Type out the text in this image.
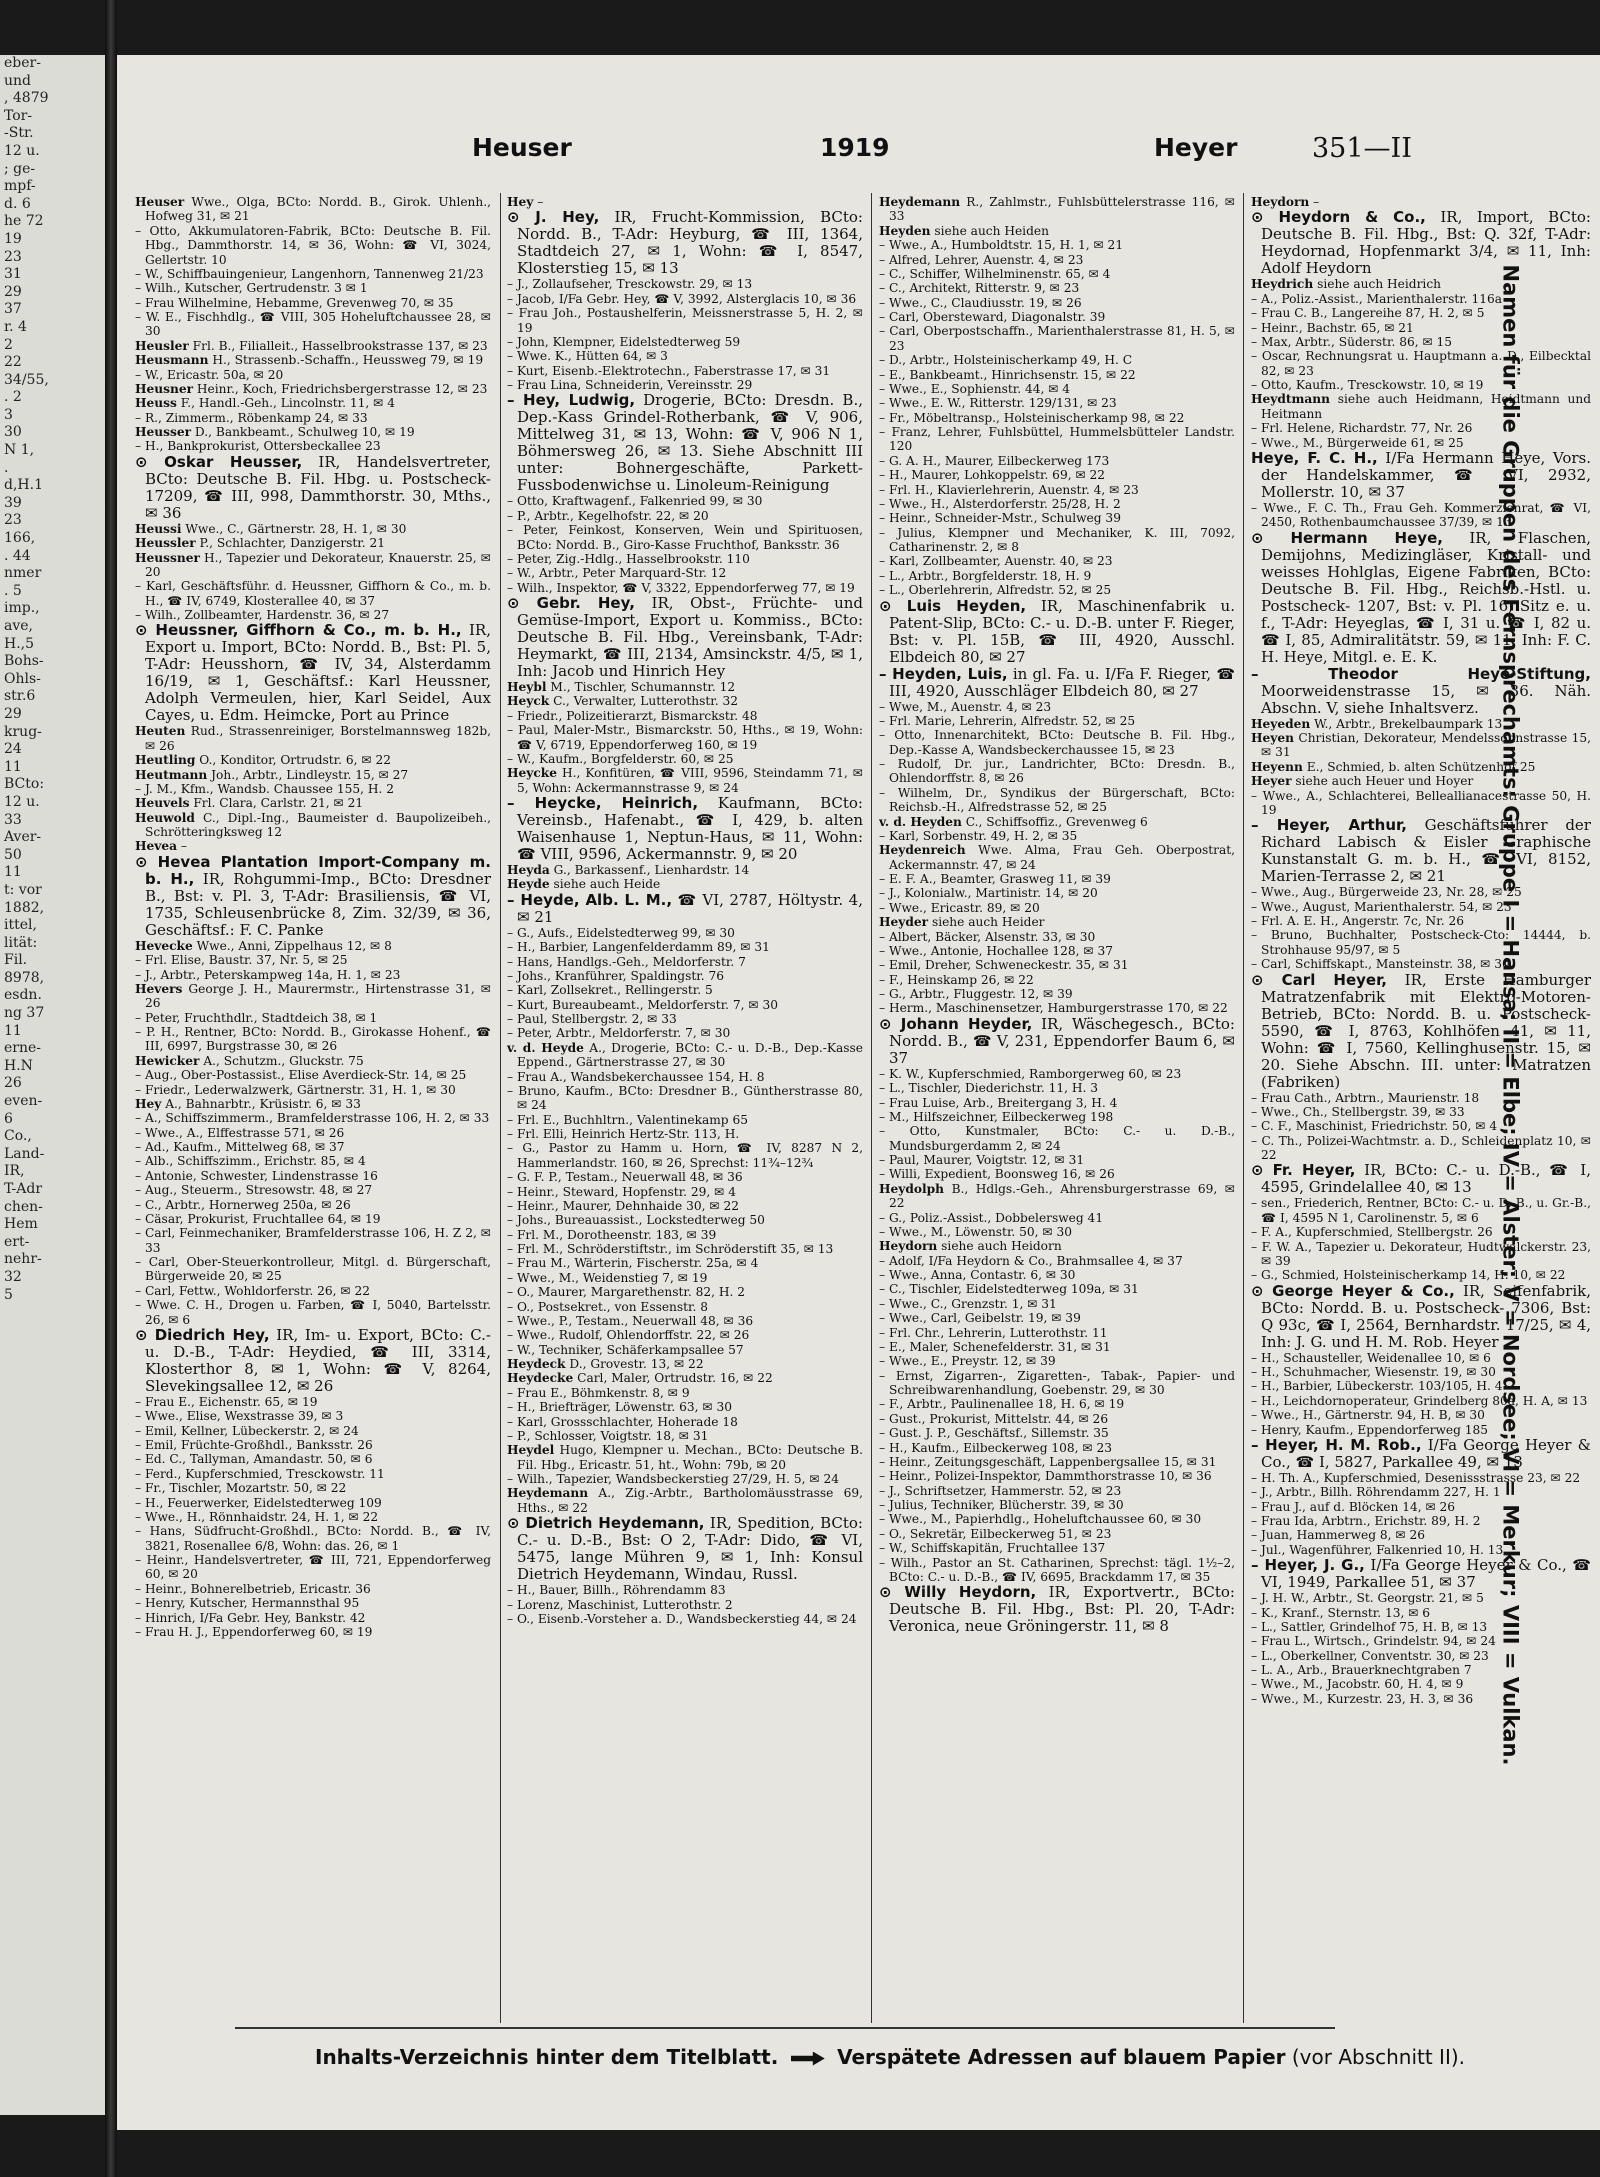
eber-
und
, 4879
Tor-
-Str.
12 u.
; ge-
mpf-
d. 6
he 72
19
23
31
29
37
r. 4
2
22
34/55,
. 2
3
30
N 1,
.
d,H.1
39
23
166,
. 44
nmer
. 5
imp.,
ave,
H.,5
Bohs-
Ohls-
str.6
29
krug-
24
11
BCto:
12 u.
33
Aver-
50
11
t: vor
1882,
ittel,
lität:
Fil.
8978,
esdn.
ng 37
11
erne-
H.N
26
even-
6
Co.,
Land-
IR,
T-Adr
chen-
Hem
ert-
nehr-
32
5
Heuser	1919	Heyer	351—II

Heuser Wwe., Olga, BCto: Nordd. B., Girok. Uhlenh., Hofweg 31, ✉ 21

– Otto, Akkumulatoren-Fabrik, BCto: Deutsche B. Fil. Hbg., Dammthorstr. 14, ✉ 36, Wohn: ☎ VI, 3024, Gellertstr. 10

– W., Schiffbauingenieur, Langenhorn, Tannenweg 21/23

– Wilh., Kutscher, Gertrudenstr. 3 ✉ 1

– Frau Wilhelmine, Hebamme, Grevenweg 70, ✉ 35

– W. E., Fischhdlg., ☎ VIII, 305 Hoheluftchaussee 28, ✉ 30

Heusler Frl. B., Filialleit., Hasselbrookstrasse 137, ✉ 23

Heusmann H., Strassenb.-Schaffn., Heussweg 79, ✉ 19

– W., Ericastr. 50a, ✉ 20

Heusner Heinr., Koch, Friedrichsbergerstrasse 12, ✉ 23

Heuss F., Handl.-Geh., Lincolnstr. 11, ✉ 4

– R., Zimmerm., Röbenkamp 24, ✉ 33

Heusser D., Bankbeamt., Schulweg 10, ✉ 19

– H., Bankprokurist, Ottersbeckallee 23

⊙ Oskar Heusser, IR, Handelsvertreter, BCto: Deutsche B. Fil. Hbg. u. Postscheck- 17209, ☎ III, 998, Dammthorstr. 30, Mths., ✉ 36

Heussi Wwe., C., Gärtnerstr. 28, H. 1, ✉ 30

Heussler P., Schlachter, Danzigerstr. 21

Heussner H., Tapezier und Dekorateur, Knauerstr. 25, ✉ 20

– Karl, Geschäftsführ. d. Heussner, Giffhorn & Co., m. b. H., ☎ IV, 6749, Klosterallee 40, ✉ 37

– Wilh., Zollbeamter, Hardenstr. 36, ✉ 27

⊙ Heussner, Giffhorn & Co., m. b. H., IR, Export u. Import, BCto: Nordd. B., Bst: Pl. 5, T-Adr: Heusshorn, ☎ IV, 34, Alsterdamm 16/19, ✉ 1, Geschäftsf.: Karl Heussner, Adolph Vermeulen, hier, Karl Seidel, Aux Cayes, u. Edm. Heimcke, Port au Prince

Heuten Rud., Strassenreiniger, Borstelmannsweg 182b, ✉ 26

Heutling O., Konditor, Ortrudstr. 6, ✉ 22

Heutmann Joh., Arbtr., Lindleystr. 15, ✉ 27

– J. M., Kfm., Wandsb. Chaussee 155, H. 2

Heuvels Frl. Clara, Carlstr. 21, ✉ 21

Heuwold C., Dipl.-Ing., Baumeister d. Baupolizeibeh., Schrötteringksweg 12

Hevea –

⊙ Hevea Plantation Import-Company m. b. H., IR, Rohgummi-Imp., BCto: Dresdner B., Bst: v. Pl. 3, T-Adr: Brasiliensis, ☎ VI, 1735, Schleusenbrücke 8, Zim. 32/39, ✉ 36, Geschäftsf.: F. C. Panke

Hevecke Wwe., Anni, Zippelhaus 12, ✉ 8

– Frl. Elise, Baustr. 37, Nr. 5, ✉ 25

– J., Arbtr., Peterskampweg 14a, H. 1, ✉ 23

Hevers George J. H., Maurermstr., Hirtenstrasse 31, ✉ 26

– Peter, Fruchthdlr., Stadtdeich 38, ✉ 1

– P. H., Rentner, BCto: Nordd. B., Girokasse Hohenf., ☎ III, 6997, Burgstrasse 30, ✉ 26

Hewicker A., Schutzm., Gluckstr. 75

– Aug., Ober-Postassist., Elise Averdieck-Str. 14, ✉ 25

– Friedr., Lederwalzwerk, Gärtnerstr. 31, H. 1, ✉ 30

Hey A., Bahnarbtr., Krüsistr. 6, ✉ 33

– A., Schiffszimmerm., Bramfelderstrasse 106, H. 2, ✉ 33

– Wwe., A., Elffestrasse 571, ✉ 26

– Ad., Kaufm., Mittelweg 68, ✉ 37

– Alb., Schiffszimm., Erichstr. 85, ✉ 4

– Antonie, Schwester, Lindenstrasse 16

– Aug., Steuerm., Stresowstr. 48, ✉ 27

– C., Arbtr., Hornerweg 250a, ✉ 26

– Cäsar, Prokurist, Fruchtallee 64, ✉ 19

– Carl, Feinmechaniker, Bramfelderstrasse 106, H. Z 2, ✉ 33

– Carl, Ober-Steuerkontrolleur, Mitgl. d. Bürgerschaft, Bürgerweide 20, ✉ 25

– Carl, Fettw., Wohldorferstr. 26, ✉ 22

– Wwe. C. H., Drogen u. Farben, ☎ I, 5040, Bartelsstr. 26, ✉ 6

⊙ Diedrich Hey, IR, Im- u. Export, BCto: C.- u. D.-B., T-Adr: Heydied, ☎ III, 3314, Klosterthor 8, ✉ 1, Wohn: ☎ V, 8264, Slevekingsallee 12, ✉ 26

– Frau E., Eichenstr. 65, ✉ 19

– Wwe., Elise, Wexstrasse 39, ✉ 3

– Emil, Kellner, Lübeckerstr. 2, ✉ 24

– Emil, Früchte-Großhdl., Banksstr. 26

– Ed. C., Tallyman, Amandastr. 50, ✉ 6

– Ferd., Kupferschmied, Tresckowstr. 11

– Fr., Tischler, Mozartstr. 50, ✉ 22

– H., Feuerwerker, Eidelstedterweg 109

– Wwe., H., Rönnhaidstr. 24, H. 1, ✉ 22

– Hans, Südfrucht-Großhdl., BCto: Nordd. B., ☎ IV, 3821, Rosenallee 6/8, Wohn: das. 26, ✉ 1

– Heinr., Handelsvertreter, ☎ III, 721, Eppendorferweg 60, ✉ 20

– Heinr., Bohnerelbetrieb, Ericastr. 36

– Henry, Kutscher, Hermannsthal 95

– Hinrich, I/Fa Gebr. Hey, Bankstr. 42

– Frau H. J., Eppendorferweg 60, ✉ 19

Hey –

⊙ J. Hey, IR, Frucht-Kommission, BCto: Nordd. B., T-Adr: Heyburg, ☎ III, 1364, Stadtdeich 27, ✉ 1, Wohn: ☎ I, 8547, Klosterstieg 15, ✉ 13

– J., Zollaufseher, Tresckowstr. 29, ✉ 13

– Jacob, I/Fa Gebr. Hey, ☎ V, 3992, Alsterglacis 10, ✉ 36

– Frau Joh., Postaushelferin, Meissnerstrasse 5, H. 2, ✉ 19

– John, Klempner, Eidelstedterweg 59

– Wwe. K., Hütten 64, ✉ 3

– Kurt, Eisenb.-Elektrotechn., Faberstrasse 17, ✉ 31

– Frau Lina, Schneiderin, Vereinsstr. 29

– Hey, Ludwig, Drogerie, BCto: Dresdn. B., Dep.-Kass Grindel-Rotherbank, ☎ V, 906, Mittelweg 31, ✉ 13, Wohn: ☎ V, 906 N 1, Böhmersweg 26, ✉ 13. Siehe Abschnitt III unter: Bohnergeschäfte, Parkett-Fussbodenwichse u. Linoleum-Reinigung

– Otto, Kraftwagenf., Falkenried 99, ✉ 30

– P., Arbtr., Kegelhofstr. 22, ✉ 20

– Peter, Feinkost, Konserven, Wein und Spirituosen, BCto: Nordd. B., Giro-Kasse Fruchthof, Banksstr. 36

– Peter, Zig.-Hdlg., Hasselbrookstr. 110

– W., Arbtr., Peter Marquard-Str. 12

– Wilh., Inspektor, ☎ V, 3322, Eppendorferweg 77, ✉ 19

⊙ Gebr. Hey, IR, Obst-, Früchte- und Gemüse-Import, Export u. Kommiss., BCto: Deutsche B. Fil. Hbg., Vereinsbank, T-Adr: Heymarkt, ☎ III, 2134, Amsinckstr. 4/5, ✉ 1, Inh: Jacob und Hinrich Hey

Heybl M., Tischler, Schumannstr. 12

Heyck C., Verwalter, Lutterothstr. 32

– Friedr., Polizeitierarzt, Bismarckstr. 48

– Paul, Maler-Mstr., Bismarckstr. 50, Hths., ✉ 19, Wohn: ☎ V, 6719, Eppendorferweg 160, ✉ 19

– W., Kaufm., Borgfelderstr. 60, ✉ 25

Heycke H., Konfitüren, ☎ VIII, 9596, Steindamm 71, ✉ 5, Wohn: Ackermannstrasse 9, ✉ 24

– Heycke, Heinrich, Kaufmann, BCto: Vereinsb., Hafenabt., ☎ I, 429, b. alten Waisenhause 1, Neptun-Haus, ✉ 11, Wohn: ☎ VIII, 9596, Ackermannstr. 9, ✉ 20

Heyda G., Barkassenf., Lienhardstr. 14

Heyde siehe auch Heide

– Heyde, Alb. L. M., ☎ VI, 2787, Höltystr. 4, ✉ 21

– G., Aufs., Eidelstedterweg 99, ✉ 30

– H., Barbier, Langenfelderdamm 89, ✉ 31

– Hans, Handlgs.-Geh., Meldorferstr. 7

– Johs., Kranführer, Spaldingstr. 76

– Karl, Zollsekret., Rellingerstr. 5

– Kurt, Bureaubeamt., Meldorferstr. 7, ✉ 30

– Paul, Stellbergstr. 2, ✉ 33

– Peter, Arbtr., Meldorferstr. 7, ✉ 30

v. d. Heyde A., Drogerie, BCto: C.- u. D.-B., Dep.-Kasse Eppend., Gärtnerstrasse 27, ✉ 30

– Frau A., Wandsbekerchaussee 154, H. 8

– Bruno, Kaufm., BCto: Dresdner B., Güntherstrasse 80, ✉ 24

– Frl. E., Buchhltrn., Valentinekamp 65

– Frl. Elli, Heinrich Hertz-Str. 113, H.

– G., Pastor zu Hamm u. Horn, ☎ IV, 8287 N 2, Hammerlandstr. 160, ✉ 26, Sprechst: 11¾–12¾

– G. F. P., Testam., Neuerwall 48, ✉ 36

– Heinr., Steward, Hopfenstr. 29, ✉ 4

– Heinr., Maurer, Dehnhaide 30, ✉ 22

– Johs., Bureauassist., Lockstedterweg 50

– Frl. M., Dorotheenstr. 183, ✉ 39

– Frl. M., Schröderstiftstr., im Schröderstift 35, ✉ 13

– Frau M., Wärterin, Fischerstr. 25a, ✉ 4

– Wwe., M., Weidenstieg 7, ✉ 19

– O., Maurer, Margarethenstr. 82, H. 2

– O., Postsekret., von Essenstr. 8

– Wwe., P., Testam., Neuerwall 48, ✉ 36

– Wwe., Rudolf, Ohlendorffstr. 22, ✉ 26

– W., Techniker, Schäferkampsallee 57

Heydeck D., Grovestr. 13, ✉ 22

Heydecke Carl, Maler, Ortrudstr. 16, ✉ 22

– Frau E., Böhmkenstr. 8, ✉ 9

– H., Briefträger, Löwenstr. 63, ✉ 30

– Karl, Grossschlachter, Hoherade 18

– P., Schlosser, Voigtstr. 18, ✉ 31

Heydel Hugo, Klempner u. Mechan., BCto: Deutsche B. Fil. Hbg., Ericastr. 51, ht., Wohn: 79b, ✉ 20

– Wilh., Tapezier, Wandsbeckerstieg 27/29, H. 5, ✉ 24

Heydemann A., Zig.-Arbtr., Bartholomäusstrasse 69, Hths., ✉ 22

⊙ Dietrich Heydemann, IR, Spedition, BCto: C.- u. D.-B., Bst: O 2, T-Adr: Dido, ☎ VI, 5475, lange Mühren 9, ✉ 1, Inh: Konsul Dietrich Heydemann, Windau, Russl.

– H., Bauer, Billh., Röhrendamm 83

– Lorenz, Maschinist, Lutterothstr. 2

– O., Eisenb.-Vorsteher a. D., Wandsbeckerstieg 44, ✉ 24

Heydemann R., Zahlmstr., Fuhlsbüttelerstrasse 116, ✉ 33

Heyden siehe auch Heiden

– Wwe., A., Humboldtstr. 15, H. 1, ✉ 21

– Alfred, Lehrer, Auenstr. 4, ✉ 23

– C., Schiffer, Wilhelminenstr. 65, ✉ 4

– C., Architekt, Ritterstr. 9, ✉ 23

– Wwe., C., Claudiusstr. 19, ✉ 26

– Carl, Obersteward, Diagonalstr. 39

– Carl, Oberpostschaffn., Marienthalerstrasse 81, H. 5, ✉ 23

– D., Arbtr., Holsteinischerkamp 49, H. C

– E., Bankbeamt., Hinrichsenstr. 15, ✉ 22

– Wwe., E., Sophienstr. 44, ✉ 4

– Wwe., E. W., Ritterstr. 129/131, ✉ 23

– Fr., Möbeltransp., Holsteinischerkamp 98, ✉ 22

– Franz, Lehrer, Fuhlsbüttel, Hummelsbütteler Landstr. 120

– G. A. H., Maurer, Eilbeckerweg 173

– H., Maurer, Lohkoppelstr. 69, ✉ 22

– Frl. H., Klavierlehrerin, Auenstr. 4, ✉ 23

– Wwe., H., Alsterdorferstr. 25/28, H. 2

– Heinr., Schneider-Mstr., Schulweg 39

– Julius, Klempner und Mechaniker, K. III, 7092, Catharinenstr. 2, ✉ 8

– Karl, Zollbeamter, Auenstr. 40, ✉ 23

– L., Arbtr., Borgfelderstr. 18, H. 9

– L., Oberlehrerin, Alfredstr. 52, ✉ 25

⊙ Luis Heyden, IR, Maschinenfabrik u. Patent-Slip, BCto: C.- u. D.-B. unter F. Rieger, Bst: v. Pl. 15B, ☎ III, 4920, Ausschl. Elbdeich 80, ✉ 27

– Heyden, Luis, in gl. Fa. u. I/Fa F. Rieger, ☎ III, 4920, Ausschläger Elbdeich 80, ✉ 27

– Wwe, M., Auenstr. 4, ✉ 23

– Frl. Marie, Lehrerin, Alfredstr. 52, ✉ 25

– Otto, Innenarchitekt, BCto: Deutsche B. Fil. Hbg., Dep.-Kasse A, Wandsbeckerchaussee 15, ✉ 23

– Rudolf, Dr. jur., Landrichter, BCto: Dresdn. B., Ohlendorffstr. 8, ✉ 26

– Wilhelm, Dr., Syndikus der Bürgerschaft, BCto: Reichsb.-H., Alfredstrasse 52, ✉ 25

v. d. Heyden C., Schiffsoffiz., Grevenweg 6

– Karl, Sorbenstr. 49, H. 2, ✉ 35

Heydenreich Wwe. Alma, Frau Geh. Oberpostrat, Ackermannstr. 47, ✉ 24

– E. F. A., Beamter, Grasweg 11, ✉ 39

– J., Kolonialw., Martinistr. 14, ✉ 20

– Wwe., Ericastr. 89, ✉ 20

Heyder siehe auch Heider

– Albert, Bäcker, Alsenstr. 33, ✉ 30

– Wwe., Antonie, Hochallee 128, ✉ 37

– Emil, Dreher, Schweneckestr. 35, ✉ 31

– F., Heinskamp 26, ✉ 22

– G., Arbtr., Fluggestr. 12, ✉ 39

– Herm., Maschinensetzer, Hamburgerstrasse 170, ✉ 22

⊙ Johann Heyder, IR, Wäschegesch., BCto: Nordd. B., ☎ V, 231, Eppendorfer Baum 6, ✉ 37

– K. W., Kupferschmied, Ramborgerweg 60, ✉ 23

– L., Tischler, Diederichstr. 11, H. 3

– Frau Luise, Arb., Breitergang 3, H. 4

– M., Hilfszeichner, Eilbeckerweg 198

– Otto, Kunstmaler, BCto: C.- u. D.-B., Mundsburgerdamm 2, ✉ 24

– Paul, Maurer, Voigtstr. 12, ✉ 31

– Willi, Expedient, Boonsweg 16, ✉ 26

Heydolph B., Hdlgs.-Geh., Ahrensburgerstrasse 69, ✉ 22

– G., Poliz.-Assist., Dobbelersweg 41

– Wwe., M., Löwenstr. 50, ✉ 30

Heydorn siehe auch Heidorn

– Adolf, I/Fa Heydorn & Co., Brahmsallee 4, ✉ 37

– Wwe., Anna, Contastr. 6, ✉ 30

– C., Tischler, Eidelstedterweg 109a, ✉ 31

– Wwe., C., Grenzstr. 1, ✉ 31

– Wwe., Carl, Geibelstr. 19, ✉ 39

– Frl. Chr., Lehrerin, Lutterothstr. 11

– E., Maler, Schenefelderstr. 31, ✉ 31

– Wwe., E., Preystr. 12, ✉ 39

– Ernst, Zigarren-, Zigaretten-, Tabak-, Papier- und Schreibwarenhandlung, Goebenstr. 29, ✉ 30

– F., Arbtr., Paulinenallee 18, H. 6, ✉ 19

– Gust., Prokurist, Mittelstr. 44, ✉ 26

– Gust. J. P., Geschäftsf., Sillemstr. 35

– H., Kaufm., Eilbeckerweg 108, ✉ 23

– Heinr., Zeitungsgeschäft, Lappenbergsallee 15, ✉ 31

– Heinr., Polizei-Inspektor, Dammthorstrasse 10, ✉ 36

– J., Schriftsetzer, Hammerstr. 52, ✉ 23

– Julius, Techniker, Blücherstr. 39, ✉ 30

– Wwe., M., Papierhdlg., Hoheluftchaussee 60, ✉ 30

– O., Sekretär, Eilbeckerweg 51, ✉ 23

– W., Schiffskapitän, Fruchtallee 137

– Wilh., Pastor an St. Catharinen, Sprechst: tägl. 1½–2, BCto: C.- u. D.-B., ☎ IV, 6695, Brackdamm 17, ✉ 35

⊙ Willy Heydorn, IR, Exportvertr., BCto: Deutsche B. Fil. Hbg., Bst: Pl. 20, T-Adr: Veronica, neue Gröningerstr. 11, ✉ 8

Heydorn –

⊙ Heydorn & Co., IR, Import, BCto: Deutsche B. Fil. Hbg., Bst: Q. 32f, T-Adr: Heydornad, Hopfenmarkt 3/4, ✉ 11, Inh: Adolf Heydorn

Heydrich siehe auch Heidrich

– A., Poliz.-Assist., Marienthalerstr. 116a

– Frau C. B., Langereihe 87, H. 2, ✉ 5

– Heinr., Bachstr. 65, ✉ 21

– Max, Arbtr., Süderstr. 86, ✉ 15

– Oscar, Rechnungsrat u. Hauptmann a. D., Eilbecktal 82, ✉ 23

– Otto, Kaufm., Tresckowstr. 10, ✉ 19

Heydtmann siehe auch Heidmann, Heidtmann und Heitmann

– Frl. Helene, Richardstr. 77, Nr. 26

– Wwe., M., Bürgerweide 61, ✉ 25

Heye, F. C. H., I/Fa Hermann Heye, Vors. der Handelskammer, ☎ VI, 2932, Mollerstr. 10, ✉ 37

– Wwe., F. C. Th., Frau Geh. Kommerzienrat, ☎ VI, 2450, Rothenbaumchaussee 37/39, ✉ 13

⊙ Hermann Heye, IR, Flaschen, Demijohns, Medizingläser, Kristall- und weisses Hohlglas, Eigene Fabriken, BCto: Deutsche B. Fil. Hbg., Reichsb.-Hstl. u. Postscheck- 1207, Bst: v. Pl. 16, Sitz e. u. f., T-Adr: Heyeglas, ☎ I, 31 u. ☎ I, 82 u. ☎ I, 85, Admiralitätstr. 59, ✉ 11, Inh: F. C. H. Heye, Mitgl. e. E. K.

– Theodor Heye-Stiftung, Moorweidenstrasse 15, ✉ 36. Näh. Abschn. V, siehe Inhaltsverz.

Heyeden W., Arbtr., Brekelbaumpark 13

Heyen Christian, Dekorateur, Mendelssohnstrasse 15, ✉ 31

Heyenn E., Schmied, b. alten Schützenhof 25

Heyer siehe auch Heuer und Hoyer

– Wwe., A., Schlachterei, Belleallianacestrasse 50, H. 19

– Heyer, Arthur, Geschäftsführer der Richard Labisch & Eisler Graphische Kunstanstalt G. m. b. H., ☎ VI, 8152, Marien-Terrasse 2, ✉ 21

– Wwe., Aug., Bürgerweide 23, Nr. 28, ✉ 25

– Wwe., August, Marienthalerstr. 54, ✉ 23

– Frl. A. E. H., Angerstr. 7c, Nr. 26

– Bruno, Buchhalter, Postscheck-Cto: 14444, b. Strohhause 95/97, ✉ 5

– Carl, Schiffskapt., Mansteinstr. 38, ✉ 30

⊙ Carl Heyer, IR, Erste Hamburger Matratzenfabrik mit Elektro-Motoren-Betrieb, BCto: Nordd. B. u. Postscheck- 5590, ☎ I, 8763, Kohlhöfen 41, ✉ 11, Wohn: ☎ I, 7560, Kellinghusenstr. 15, ✉ 20. Siehe Abschn. III. unter: Matratzen (Fabriken)

– Frau Cath., Arbtrn., Maurienstr. 18

– Wwe., Ch., Stellbergstr. 39, ✉ 33

– C. F., Maschinist, Friedrichstr. 50, ✉ 4

– C. Th., Polizei-Wachtmstr. a. D., Schleidenplatz 10, ✉ 22

⊙ Fr. Heyer, IR, BCto: C.- u. D.-B., ☎ I, 4595, Grindelallee 40, ✉ 13

– sen., Friederich, Rentner, BCto: C.- u. D.-B., u. Gr.-B., ☎ I, 4595 N 1, Carolinenstr. 5, ✉ 6

– F. A., Kupferschmied, Stellbergstr. 26

– F. W. A., Tapezier u. Dekorateur, Hudtwalckerstr. 23, ✉ 39

– G., Schmied, Holsteinischerkamp 14, H. 10, ✉ 22

⊙ George Heyer & Co., IR, Seifenfabrik, BCto: Nordd. B. u. Postscheck- 7306, Bst: Q 93c, ☎ I, 2564, Bernhardstr. 17/25, ✉ 4, Inh: J. G. und H. M. Rob. Heyer

– H., Schausteller, Weidenallee 10, ✉ 6

– H., Schuhmacher, Wiesenstr. 19, ✉ 30

– H., Barbier, Lübeckerstr. 103/105, H. 4

– H., Leichdornoperateur, Grindelberg 80a, H. A, ✉ 13

– Wwe., H., Gärtnerstr. 94, H. B, ✉ 30

– Henry, Kaufm., Eppendorferweg 185

– Heyer, H. M. Rob., I/Fa George Heyer & Co., ☎ I, 5827, Parkallee 49, ✉ 13

– H. Th. A., Kupferschmied, Desenissstrasse 23, ✉ 22

– J., Arbtr., Billh. Röhrendamm 227, H. 1

– Frau J., auf d. Blöcken 14, ✉ 26

– Frau Ida, Arbtrn., Erichstr. 89, H. 2

– Juan, Hammerweg 8, ✉ 26

– Jul., Wagenführer, Falkenried 10, H. 13

– Heyer, J. G., I/Fa George Heyer & Co., ☎ VI, 1949, Parkallee 51, ✉ 37

– J. H. W., Arbtr., St. Georgstr. 21, ✉ 5

– K., Kranf., Sternstr. 13, ✉ 6

– L., Sattler, Grindelhof 75, H. B, ✉ 13

– Frau L., Wirtsch., Grindelstr. 94, ✉ 24

– L., Oberkellner, Conventstr. 30, ✉ 23

– L. A., Arb., Brauerknechtgraben 7

– Wwe., M., Jacobstr. 60, H. 4, ✉ 9

– Wwe., M., Kurzestr. 23, H. 3, ✉ 36

Inhalts-Verzeichnis hinter dem Titelblatt.	Verspätete Adressen auf blauem Papier (vor Abschnitt II).
Namen für die Gruppen des Fernsprechamts: Gruppe I = Hansa; II = Elbe; IV = Alster; V = Nordsee; VI = Merkur; VIII = Vulkan.
